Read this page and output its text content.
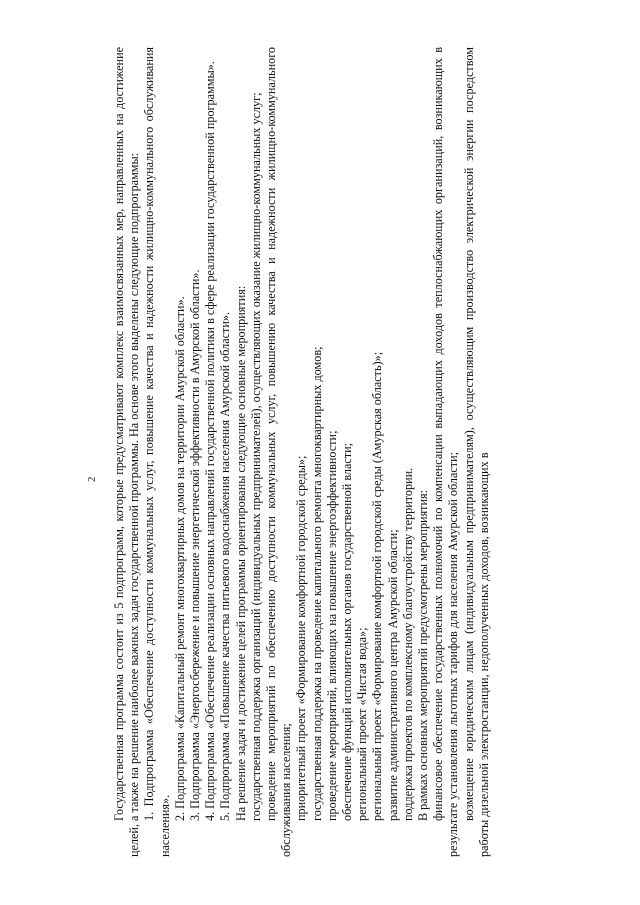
2 Государственная программа состоит из 5 подпрограмм, которые предусматривают комплекс взаимосвязанных мер, направленных на достижение целей, а также на решение наиболее важных задач государственной программы. На основе этого выделены следующие подпрограммы: 1. Подпрограмма «Обеспечение доступности коммунальных услуг, повышение качества и надежности жилищно-коммунального обслуживания населения».

2. Подпрограмма «Капитальный ремонт многоквартирных домов на территории Амурской области». 3. Подпрограмма «Энергосбережение и повышение энергетической эффективности в Амурской области». 4. Подпрограмма «Обеспечение реализации основных направлений государственной политики в сфере реализации государственной программы». 5. Подпрограмма «Повышение качества питьевого водоснабжения населения Амурской области». На решение задач и достижение целей программы ориентированы следующие основные мероприятия: государственная поддержка организаций (индивидуальных предпринимателей), осуществляющих оказание жилищно-коммунальных услуг; проведение мероприятий по обеспечению доступности коммунальных услуг, повышению качества и надежности жилищно-коммунального обслуживания населения; приоритетный проект «Формирование комфортной городской среды»; государственная поддержка на проведение капитального ремонта многоквартирных домов; проведение мероприятий, влияющих на повышение энергоэффективности; обеспечение функций исполнительных органов государственной власти; региональный проект «Чистая вода»; региональный проект «Формирование комфортной городской среды (Амурская область)»; развитие административного центра Амурской области; поддержка проектов по комплексному благоустройству территории. В рамках основных мероприятий предусмотрены мероприятия: финансовое обеспечение государственных полномочий по компенсации выпадающих доходов теплоснабжающих организаций, возникающих в результате установления льготных тарифов для населения Амурской области; возмещение юридическим лицам (индивидуальным предпринимателям), осуществляющим производство электрической энергии посредством работы дизельной электростанции, недополученных доходов, возникающих в
